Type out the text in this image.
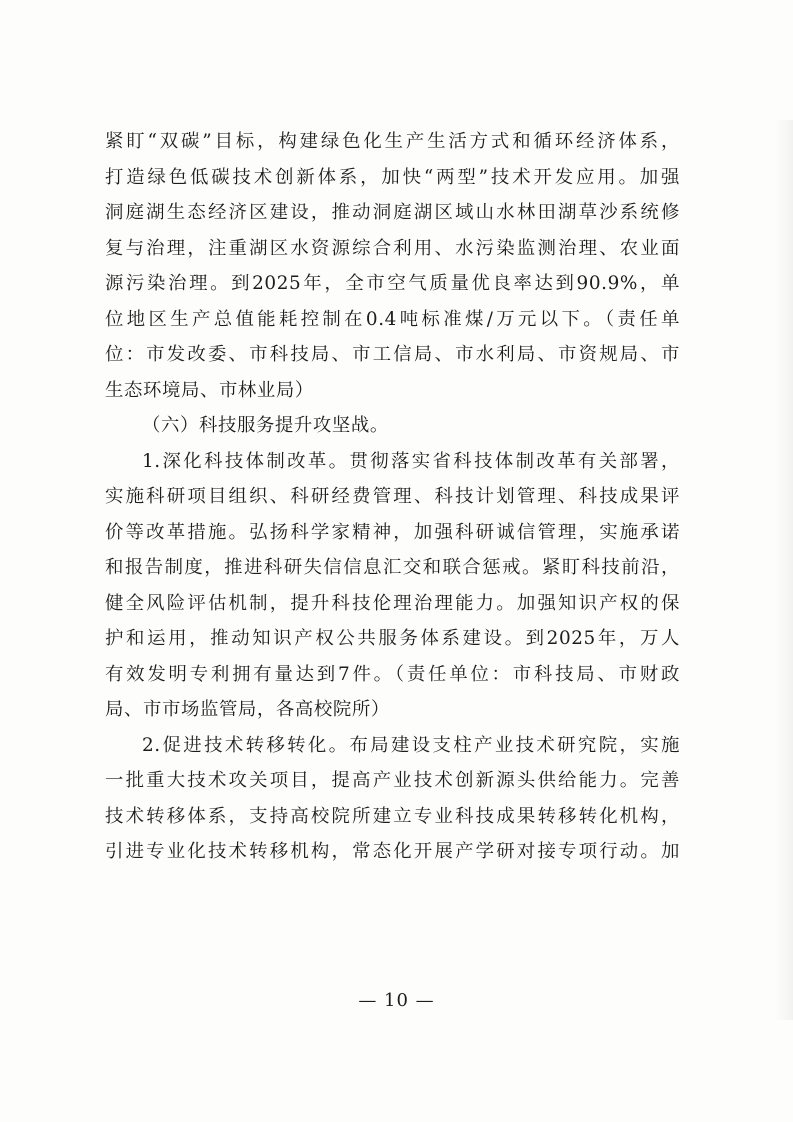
紧盯“双碳”目标，构建绿色化生产生活方式和循环经济体系，
打造绿色低碳技术创新体系，加快“两型”技术开发应用。加强
洞庭湖生态经济区建设，推动洞庭湖区域山水林田湖草沙系统修
复与治理，注重湖区水资源综合利用、水污染监测治理、农业面
源污染治理。到2025年，全市空气质量优良率达到90.9%，单
位地区生产总值能耗控制在0.4吨标准煤/万元以下。（责任单
位：市发改委、市科技局、市工信局、市水利局、市资规局、市
生态环境局、市林业局）
（六）科技服务提升攻坚战。
1.深化科技体制改革。贯彻落实省科技体制改革有关部署，
实施科研项目组织、科研经费管理、科技计划管理、科技成果评
价等改革措施。弘扬科学家精神，加强科研诚信管理，实施承诺
和报告制度，推进科研失信信息汇交和联合惩戒。紧盯科技前沿，
健全风险评估机制，提升科技伦理治理能力。加强知识产权的保
护和运用，推动知识产权公共服务体系建设。到2025年，万人
有效发明专利拥有量达到7件。（责任单位：市科技局、市财政
局、市市场监管局，各高校院所）
2.促进技术转移转化。布局建设支柱产业技术研究院，实施
一批重大技术攻关项目，提高产业技术创新源头供给能力。完善
技术转移体系，支持高校院所建立专业科技成果转移转化机构，
引进专业化技术转移机构，常态化开展产学研对接专项行动。加
— 10 —
